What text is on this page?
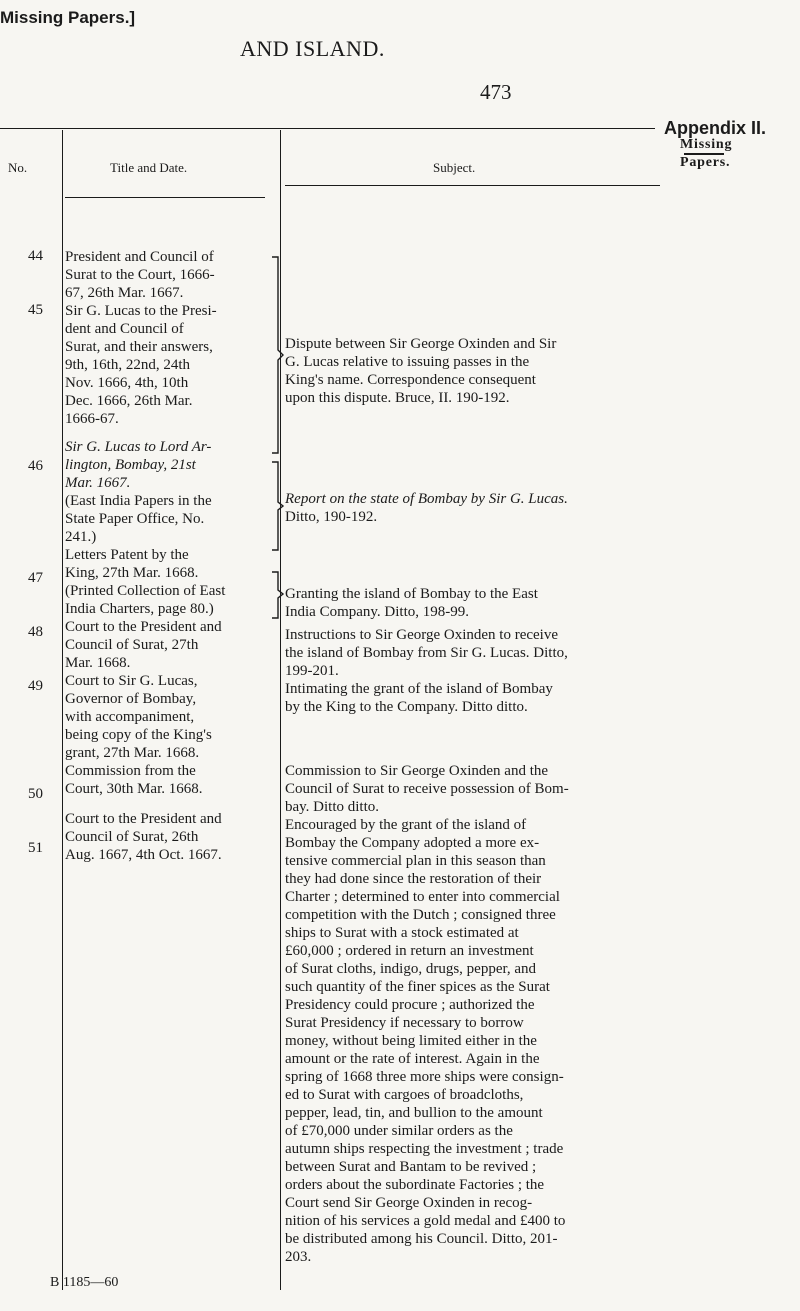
Missing Papers.]
AND ISLAND.
473
Appendix II.
Missing
Papers.
No.	Title and Date.	Subject.
44
45
46
47
48
49
50
51
President and Council of
Surat to the Court, 1666-
67, 26th Mar. 1667.
Sir G. Lucas to the Presi-
dent and Council of
Surat, and their answers,
9th, 16th, 22nd, 24th
Nov. 1666, 4th, 10th
Dec. 1666, 26th Mar.
1666-67.
Sir G. Lucas to Lord Ar-
lington, Bombay, 21st
Mar. 1667.
(East India Papers in the
State Paper Office, No.
241.)
Letters Patent by the
King, 27th Mar. 1668.
(Printed Collection of East
India Charters, page 80.)
Court to the President and
Council of Surat, 27th
Mar. 1668.
Court to Sir G. Lucas,
Governor of Bombay,
with accompaniment,
being copy of the King's
grant, 27th Mar. 1668.
Commission from the
Court, 30th Mar. 1668.
Court to the President and
Council of Surat, 26th
Aug. 1667, 4th Oct. 1667.
Dispute between Sir George Oxinden and Sir
G. Lucas relative to issuing passes in the
King's name. Correspondence consequent
upon this dispute. Bruce, II. 190-192.
Report on the state of Bombay by Sir G. Lucas.
Ditto, 190-192.
Granting the island of Bombay to the East
India Company. Ditto, 198-99.
Instructions to Sir George Oxinden to receive
the island of Bombay from Sir G. Lucas. Ditto,
199-201.
Intimating the grant of the island of Bombay
by the King to the Company. Ditto ditto.
Commission to Sir George Oxinden and the
Council of Surat to receive possession of Bom-
bay. Ditto ditto.
Encouraged by the grant of the island of
Bombay the Company adopted a more ex-
tensive commercial plan in this season than
they had done since the restoration of their
Charter ; determined to enter into commercial
competition with the Dutch ; consigned three
ships to Surat with a stock estimated at
£60,000 ; ordered in return an investment
of Surat cloths, indigo, drugs, pepper, and
such quantity of the finer spices as the Surat
Presidency could procure ; authorized the
Surat Presidency if necessary to borrow
money, without being limited either in the
amount or the rate of interest. Again in the
spring of 1668 three more ships were consign-
ed to Surat with cargoes of broadcloths,
pepper, lead, tin, and bullion to the amount
of £70,000 under similar orders as the
autumn ships respecting the investment ; trade
between Surat and Bantam to be revived ;
orders about the subordinate Factories ; the
Court send Sir George Oxinden in recog-
nition of his services a gold medal and £400 to
be distributed among his Council. Ditto, 201-
203.
B 1185—60
